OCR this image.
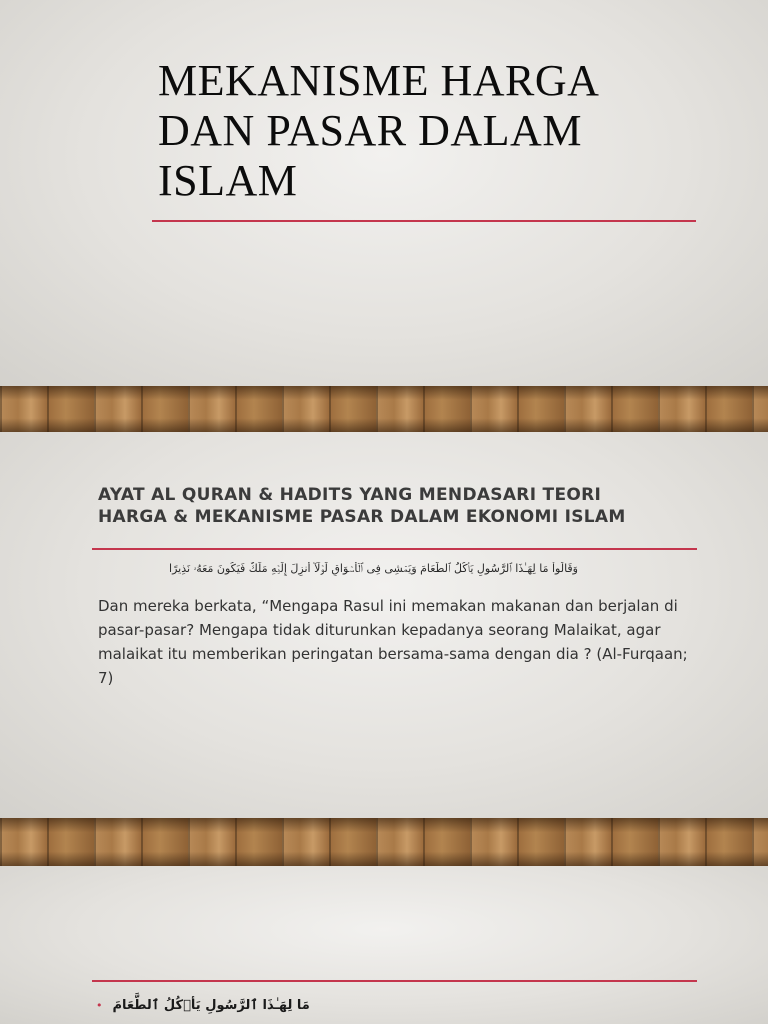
MEKANISME HARGA
DAN PASAR DALAM
ISLAM
AYAT AL QURAN & HADITS YANG MENDASARI TEORI
HARGA & MEKANISME PASAR DALAM EKONOMI ISLAM
وَقَالُواْ مَا لِهَـٰذَا ٱلرَّسُولِ يَأۡكُلُ ٱلطَّعَامَ وَيَمۡشِى فِى ٱلۡأَسۡوَاقِ لَوۡلَآ أُنزِلَ إِلَيۡهِ مَلَكٌ فَيَكُونَ مَعَهُۥ نَذِيرًا

Dan mereka berkata, “Mengapa Rasul ini memakan makanan dan berjalan di pasar-pasar? Mengapa tidak diturunkan kepadanya seorang Malaikat, agar malaikat itu memberikan peringatan bersama-sama dengan dia ? (Al-Furqaan; 7)

• مَا لِهَـٰذَا ٱلرَّسُولِ يَأۡكُلُ ٱلطَّعَامَ
